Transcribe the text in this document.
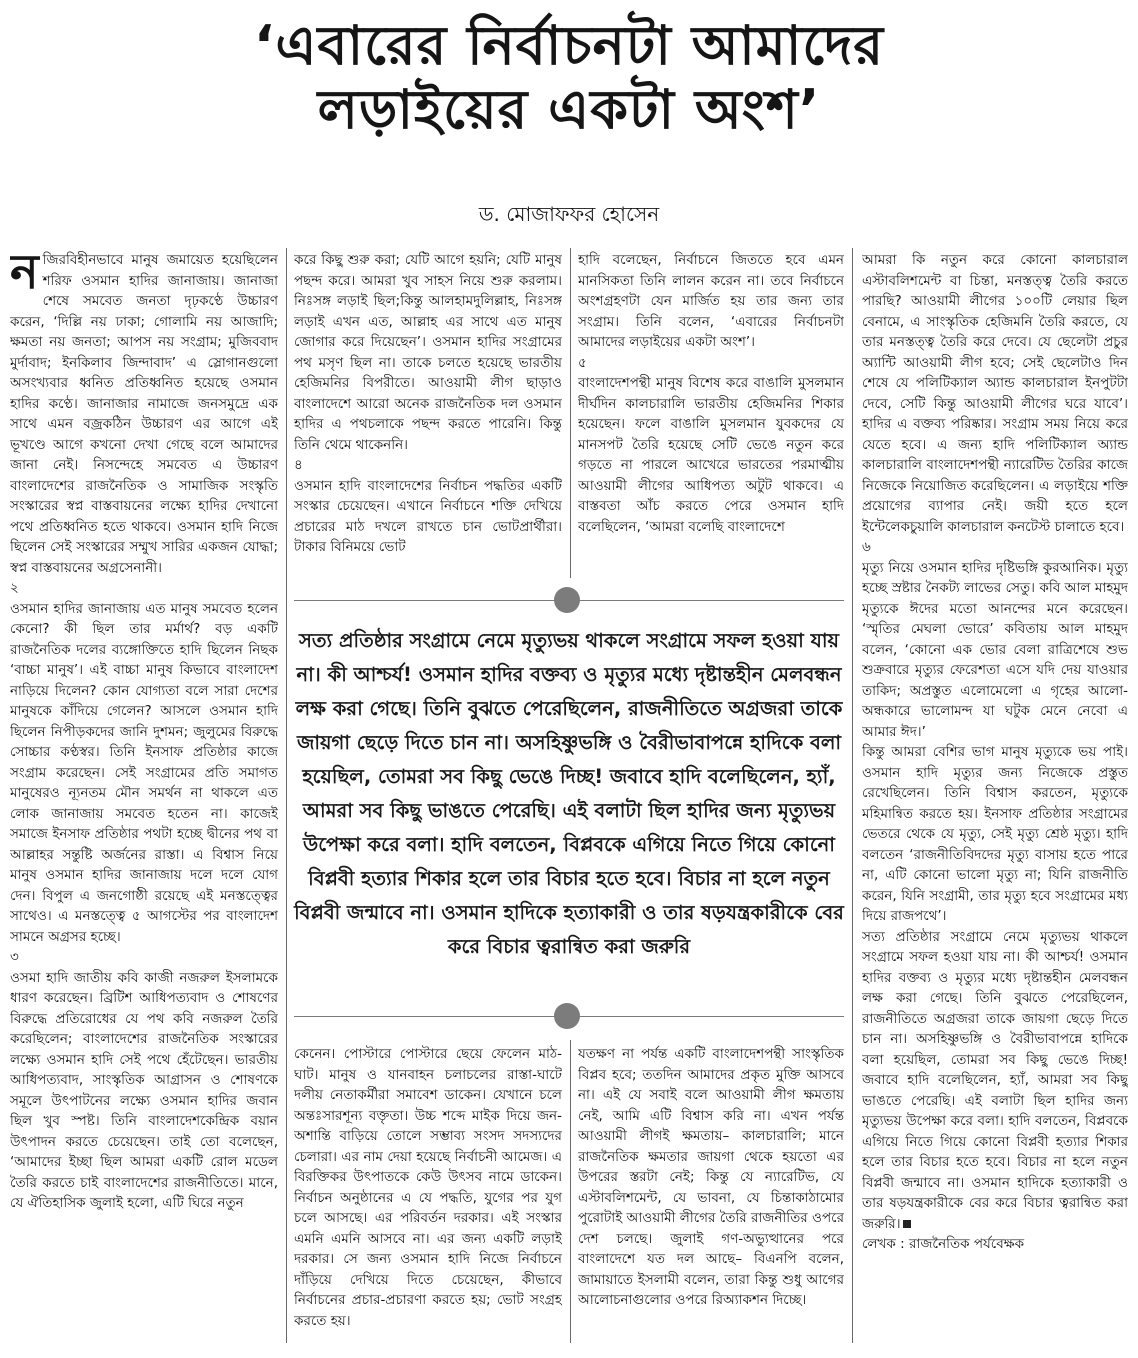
‘এবারের নির্বাচনটা আমাদের
লড়াইয়ের একটা অংশ’

ড. মোজাফফর হোসেন

নজিরবিহীনভাবে মানুষ জমায়েত হয়েছিলেন শরিফ ওসমান হাদির জানাজায়। জানাজা শেষে সমবেত জনতা দৃঢ়কণ্ঠে উচ্চারণ করেন, ‘দিল্লি নয় ঢাকা; গোলামি নয় আজাদি; ক্ষমতা নয় জনতা; আপস নয় সংগ্রাম; মুজিববাদ মুর্দাবাদ; ইনকিলাব জিন্দাবাদ’ এ স্লোগানগুলো অসংখ্যবার ধ্বনিত প্রতিধ্বনিত হয়েছে ওসমান হাদির কণ্ঠে। জানাজার নামাজে জনসমুদ্রে এক সাথে এমন বজ্রকঠিন উচ্চারণ এর আগে এই ভূখণ্ডে আগে কখনো দেখা গেছে বলে আমাদের জানা নেই। নিসন্দেহে সমবেত এ উচ্চারণ বাংলাদেশের রাজনৈতিক ও সামাজিক সংস্কৃতি সংস্কারের স্বপ্ন বাস্তবায়নের লক্ষ্যে হাদির দেখানো পথে প্রতিধ্বনিত হতে থাকবে। ওসমান হাদি নিজে ছিলেন সেই সংস্কারের সম্মুখ সারির একজন যোদ্ধা; স্বপ্ন বাস্তবায়নের অগ্রসেনানী।

২

ওসমান হাদির জানাজায় এত মানুষ সমবেত হলেন কেনো? কী ছিল তার মর্মার্থ? বড় একটি রাজনৈতিক দলের ব্যঙ্গোক্তিতে হাদি ছিলেন নিছক ‘বাচ্চা মানুষ’। এই বাচ্চা মানুষ কিভাবে বাংলাদেশ নাড়িয়ে দিলেন? কোন যোগ্যতা বলে সারা দেশের মানুষকে কাঁদিয়ে গেলেন? আসলে ওসমান হাদি ছিলেন নিপীড়কদের জানি দুশমন; জুলুমের বিরুদ্ধে সোচ্চার কণ্ঠস্বর। তিনি ইনসাফ প্রতিষ্ঠার কাজে সংগ্রাম করেছেন। সেই সংগ্রামের প্রতি সমাগত মানুষেরও ন্যূনতম মৌন সমর্থন না থাকলে এত লোক জানাজায় সমবেত হতেন না। কাজেই সমাজে ইনসাফ প্রতিষ্ঠার পথটা হচ্ছে দ্বীনের পথ বা আল্লাহর সন্তুষ্টি অর্জনের রাস্তা। এ বিশ্বাস নিয়ে মানুষ ওসমান হাদির জানাজায় দলে দলে যোগ দেন। বিপুল এ জনগোষ্ঠী রয়েছে এই মনস্তত্ত্বের সাথেও। এ মনস্তত্ত্বে ৫ আগস্টের পর বাংলাদেশ সামনে অগ্রসর হচ্ছে।

৩

ওসমা হাদি জাতীয় কবি কাজী নজরুল ইসলামকে ধারণ করেছেন। ব্রিটিশ আধিপত্যবাদ ও শোষণের বিরুদ্ধে প্রতিরোধের যে পথ কবি নজরুল তৈরি করেছিলেন; বাংলাদেশের রাজনৈতিক সংস্কারের লক্ষ্যে ওসমান হাদি সেই পথে হেঁটেছেন। ভারতীয় আধিপত্যবাদ, সাংস্কৃতিক আগ্রাসন ও শোষণকে সমূলে উৎপাটনের লক্ষ্যে ওসমান হাদির জবান ছিল খুব স্পষ্ট। তিনি বাংলাদেশকেন্দ্রিক বয়ান উৎপাদন করতে চেয়েছেন। তাই তো বলেছেন, ‘আমাদের ইচ্ছা ছিল আমরা একটি রোল মডেল তৈরি করতে চাই বাংলাদেশের রাজনীতিতে। মানে, যে ঐতিহাসিক জুলাই হলো, এটি ঘিরে নতুন

করে কিছু শুরু করা; যেটি আগে হয়নি; যেটি মানুষ পছন্দ করে। আমরা খুব সাহস নিয়ে শুরু করলাম। নিঃসঙ্গ লড়াই ছিল;কিন্তু আলহামদুলিল্লাহ, নিঃসঙ্গ লড়াই এখন এত, আল্লাহ এর সাথে এত মানুষ জোগার করে দিয়েছেন’। ওসমান হাদির সংগ্রামের পথ মসৃণ ছিল না। তাকে চলতে হয়েছে ভারতীয় হেজিমনির বিপরীতে। আওয়ামী লীগ ছাড়াও বাংলাদেশে আরো অনেক রাজনৈতিক দল ওসমান হাদির এ পথচলাকে পছন্দ করতে পারেনি। কিন্তু তিনি থেমে থাকেননি।

৪

ওসমান হাদি বাংলাদেশের নির্বাচন পদ্ধতির একটি সংস্কার চেয়েছেন। এখানে নির্বাচনে শক্তি দেখিয়ে প্রচারের মাঠ দখলে রাখতে চান ভোটপ্রার্থীরা। টাকার বিনিময়ে ভোট

হাদি বলেছেন, নির্বাচনে জিততে হবে এমন মানসিকতা তিনি লালন করেন না। তবে নির্বাচনে অংশগ্রহণটা যেন মার্জিত হয় তার জন্য তার সংগ্রাম। তিনি বলেন, ‘এবারের নির্বাচনটা আমাদের লড়াইয়ের একটা অংশ’।

৫

বাংলাদেশপন্থী মানুষ বিশেষ করে বাঙালি মুসলমান দীর্ঘদিন কালচারালি ভারতীয় হেজিমনির শিকার হয়েছেন। ফলে বাঙালি মুসলমান যুবকদের যে মানসপট তৈরি হয়েছে সেটি ভেঙে নতুন করে গড়তে না পারলে আখেরে ভারতের পরমাত্মীয় আওয়ামী লীগের আধিপত্য অটুট থাকবে। এ বাস্তবতা আঁচ করতে পেরে ওসমান হাদি বলেছিলেন, ‘আমরা বলেছি বাংলাদেশে

সত্য প্রতিষ্ঠার সংগ্রামে নেমে মৃত্যুভয় থাকলে সংগ্রামে সফল হওয়া যায় না। কী আশ্চর্য! ওসমান হাদির বক্তব্য ও মৃত্যুর মধ্যে দৃষ্টান্তহীন মেলবন্ধন লক্ষ করা গেছে। তিনি বুঝতে পেরেছিলেন, রাজনীতিতে অগ্রজরা তাকে জায়গা ছেড়ে দিতে চান না। অসহিষ্ণুভঙ্গি ও বৈরীভাবাপন্নে হাদিকে বলা হয়েছিল, তোমরা সব কিছু ভেঙে দিচ্ছ! জবাবে হাদি বলেছিলেন, হ্যাঁ, আমরা সব কিছু ভাঙতে পেরেছি। এই বলাটা ছিল হাদির জন্য মৃত্যুভয় উপেক্ষা করে বলা। হাদি বলতেন, বিপ্লবকে এগিয়ে নিতে গিয়ে কোনো বিপ্লবী হত্যার শিকার হলে তার বিচার হতে হবে। বিচার না হলে নতুন বিপ্লবী জন্মাবে না। ওসমান হাদিকে হত্যাকারী ও তার ষড়যন্ত্রকারীকে বের করে বিচার ত্বরান্বিত করা জরুরি

কেনেন। পোস্টারে পোস্টারে ছেয়ে ফেলেন মাঠ-ঘাট। মানুষ ও যানবাহন চলাচলের রাস্তা-ঘাটে দলীয় নেতাকর্মীরা সমাবেশ ডাকেন। যেখানে চলে অন্তঃসারশূন্য বক্তৃতা। উচ্চ শব্দে মাইক দিয়ে জন-অশান্তি বাড়িয়ে তোলে সম্ভাব্য সংসদ সদস্যদের চেলারা। এর নাম দেয়া হয়েছে নির্বাচনী আমেজ। এ বিরক্তিকর উৎপাতকে কেউ উৎসব নামে ডাকেন। নির্বাচন অনুষ্ঠানের এ যে পদ্ধতি, যুগের পর যুগ চলে আসছে। এর পরিবর্তন দরকার। এই সংস্কার এমনি এমনি আসবে না। এর জন্য একটি লড়াই দরকার। সে জন্য ওসমান হাদি নিজে নির্বাচনে দাঁড়িয়ে দেখিয়ে দিতে চেয়েছেন, কীভাবে নির্বাচনের প্রচার-প্রচারণা করতে হয়; ভোট সংগ্রহ করতে হয়।

যতক্ষণ না পর্যন্ত একটি বাংলাদেশপন্থী সাংস্কৃতিক বিপ্লব হবে; ততদিন আমাদের প্রকৃত মুক্তি আসবে না। এই যে সবাই বলে আওয়ামী লীগ ক্ষমতায় নেই, আমি এটি বিশ্বাস করি না। এখন পর্যন্ত আওয়ামী লীগই ক্ষমতায়– কালচারালি; মানে রাজনৈতিক ক্ষমতার জায়গা থেকে হয়তো এর উপরের স্তরটা নেই; কিন্তু যে ন্যারেটিভ, যে এস্টাবলিশমেন্ট, যে ভাবনা, যে চিন্তাকাঠামোর পুরোটাই আওয়ামী লীগের তৈরি রাজনীতির ওপরে দেশ চলছে। জুলাই গণ-অভ্যুত্থানের পরে বাংলাদেশে যত দল আছে– বিএনপি বলেন, জামায়াতে ইসলামী বলেন, তারা কিন্তু শুধু আগের আলোচনাগুলোর ওপরে রিঅ্যাকশন দিচ্ছে।

আমরা কি নতুন করে কোনো কালচারাল এস্টাবলিশমেন্ট বা চিন্তা, মনস্তত্ত্ব তৈরি করতে পারছি? আওয়ামী লীগের ১০০টি লেয়ার ছিল বেনামে, এ সাংস্কৃতিক হেজিমনি তৈরি করতে, যে তার মনস্তত্ত্ব তৈরি করে দেবে। যে ছেলেটা প্রচুর অ্যান্টি আওয়ামী লীগ হবে; সেই ছেলেটাও দিন শেষে যে পলিটিক্যাল অ্যান্ড কালচারাল ইনপুটটা দেবে, সেটি কিন্তু আওয়ামী লীগের ঘরে যাবে’। হাদির এ বক্তব্য পরিষ্কার। সংগ্রাম সময় নিয়ে করে যেতে হবে। এ জন্য হাদি পলিটিক্যাল অ্যান্ড কালচারালি বাংলাদেশপন্থী ন্যারেটিভ তৈরির কাজে নিজেকে নিয়োজিত করেছিলেন। এ লড়াইয়ে শক্তি প্রয়োগের ব্যাপার নেই। জয়ী হতে হলে ইন্টেলেকচুয়ালি কালচারাল কনটেস্ট চালাতে হবে।

৬

মৃত্যু নিয়ে ওসমান হাদির দৃষ্টিভঙ্গি কুরআনিক। মৃত্যু হচ্ছে স্রষ্টার নৈকট্য লাভের সেতু। কবি আল মাহমুদ মৃত্যুকে ঈদের মতো আনন্দের মনে করেছেন। ‘স্মৃতির মেঘলা ভোরে’ কবিতায় আল মাহমুদ বলেন, ‘কোনো এক ভোর বেলা রাত্রিশেষে শুভ শুক্রবারে মৃত্যুর ফেরেশতা এসে যদি দেয় যাওয়ার তাকিদ; অপ্রস্তুত এলোমেলো এ গৃহের আলো-অন্ধকারে ভালোমন্দ যা ঘটুক মেনে নেবো এ আমার ঈদ।’

কিন্তু আমরা বেশির ভাগ মানুষ মৃত্যুকে ভয় পাই। ওসমান হাদি মৃত্যুর জন্য নিজেকে প্রস্তুত রেখেছিলেন। তিনি বিশ্বাস করতেন, মৃত্যুকে মহিমান্বিত করতে হয়। ইনসাফ প্রতিষ্ঠার সংগ্রামের ভেতরে থেকে যে মৃত্যু, সেই মৃত্যু শ্রেষ্ঠ মৃত্যু। হাদি বলতেন ‘রাজনীতিবিদদের মৃত্যু বাসায় হতে পারে না, এটি কোনো ভালো মৃত্যু না; যিনি রাজনীতি করেন, যিনি সংগ্রামী, তার মৃত্যু হবে সংগ্রামের মধ্য দিয়ে রাজপথে’।

সত্য প্রতিষ্ঠার সংগ্রামে নেমে মৃত্যুভয় থাকলে সংগ্রামে সফল হওয়া যায় না। কী আশ্চর্য! ওসমান হাদির বক্তব্য ও মৃত্যুর মধ্যে দৃষ্টান্তহীন মেলবন্ধন লক্ষ করা গেছে। তিনি বুঝতে পেরেছিলেন, রাজনীতিতে অগ্রজরা তাকে জায়গা ছেড়ে দিতে চান না। অসহিষ্ণুভঙ্গি ও বৈরীভাবাপন্নে হাদিকে বলা হয়েছিল, তোমরা সব কিছু ভেঙে দিচ্ছ! জবাবে হাদি বলেছিলেন, হ্যাঁ, আমরা সব কিছু ভাঙতে পেরেছি। এই বলাটা ছিল হাদির জন্য মৃত্যুভয় উপেক্ষা করে বলা। হাদি বলতেন, বিপ্লবকে এগিয়ে নিতে গিয়ে কোনো বিপ্লবী হত্যার শিকার হলে তার বিচার হতে হবে। বিচার না হলে নতুন বিপ্লবী জন্মাবে না। ওসমান হাদিকে হত্যাকারী ও তার ষড়যন্ত্রকারীকে বের করে বিচার ত্বরান্বিত করা জরুরি।

লেখক : রাজনৈতিক পর্যবেক্ষক
